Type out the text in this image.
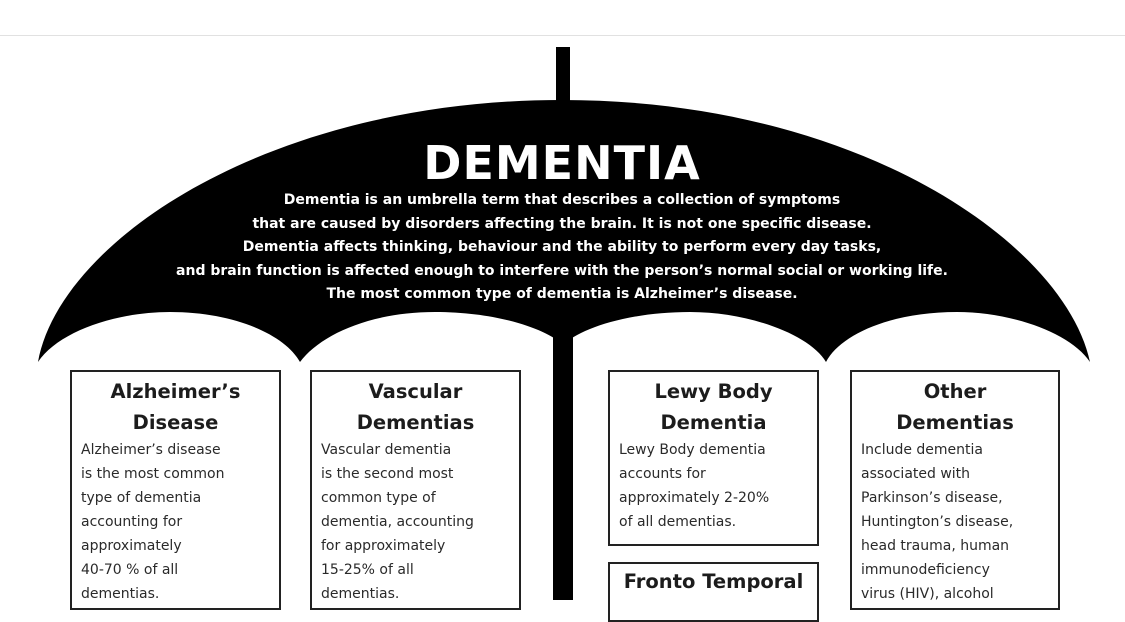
DEMENTIA
Dementia is an umbrella term that describes a collection of symptoms
that are caused by disorders affecting the brain. It is not one specific disease.
Dementia affects thinking, behaviour and the ability to perform every day tasks,
and brain function is affected enough to interfere with the person’s normal social or working life.
The most common type of dementia is Alzheimer’s disease.
Alzheimer’s
Disease
Alzheimer’s disease
is the most common
type of dementia
accounting for
approximately
40-70 % of all
dementias.
Vascular
Dementias
Vascular dementia
is the second most
common type of
dementia, accounting
for approximately
15-25% of all
dementias.
Lewy Body
Dementia
Lewy Body dementia
accounts for
approximately 2-20%
of all dementias.
Fronto Temporal
Other
Dementias
Include dementia
associated with
Parkinson’s disease,
Huntington’s disease,
head trauma, human
immunodeficiency
virus (HIV), alcohol
